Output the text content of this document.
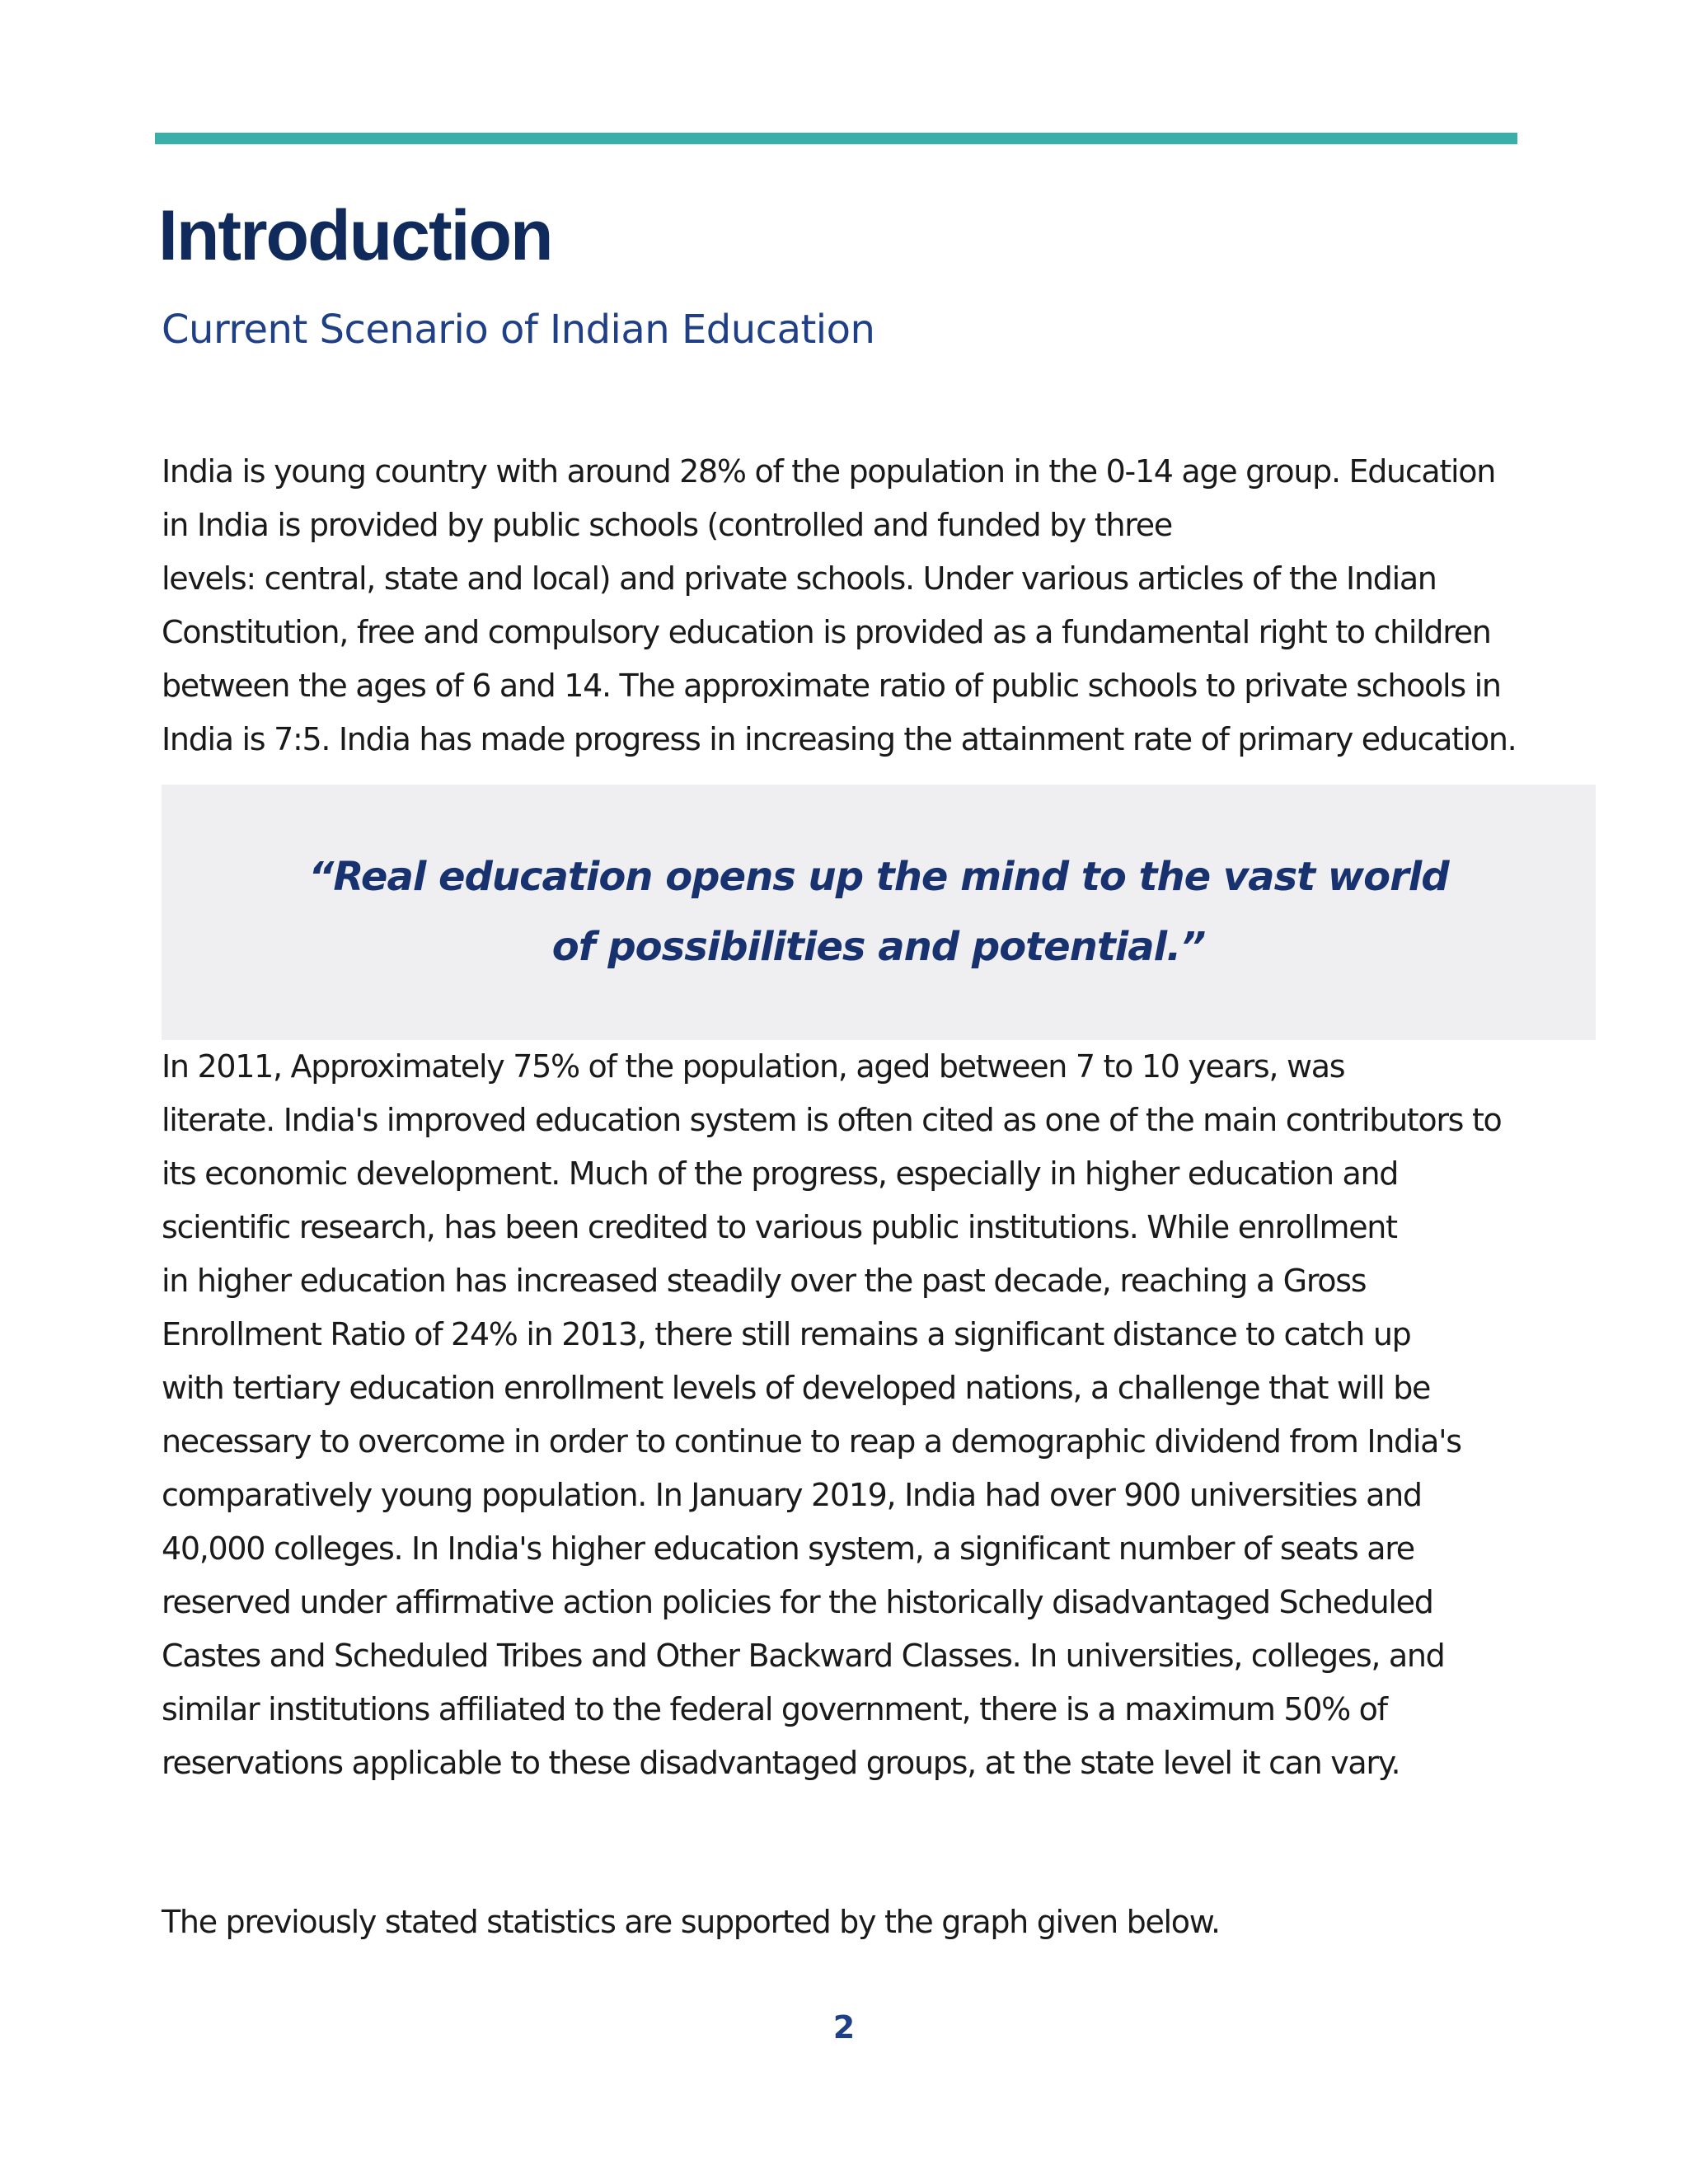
Introduction
Current Scenario of Indian Education
India is young country with around 28% of the population in the 0-14 age group. Education
in India is provided by public schools (controlled and funded by three
levels: central, state and local) and private schools. Under various articles of the Indian
Constitution, free and compulsory education is provided as a fundamental right to children
between the ages of 6 and 14. The approximate ratio of public schools to private schools in
India is 7:5. India has made progress in increasing the attainment rate of primary education.

“Real education opens up the mind to the vast world
of possibilities and potential.”

In 2011, Approximately 75% of the population, aged between 7 to 10 years, was
literate. India's improved education system is often cited as one of the main contributors to
its economic development. Much of the progress, especially in higher education and
scientific research, has been credited to various public institutions. While enrollment
in higher education has increased steadily over the past decade, reaching a Gross
Enrollment Ratio of 24% in 2013, there still remains a significant distance to catch up
with tertiary education enrollment levels of developed nations, a challenge that will be
necessary to overcome in order to continue to reap a demographic dividend from India's
comparatively young population. In January 2019, India had over 900 universities and
40,000 colleges. In India's higher education system, a significant number of seats are
reserved under affirmative action policies for the historically disadvantaged Scheduled
Castes and Scheduled Tribes and Other Backward Classes. In universities, colleges, and
similar institutions affiliated to the federal government, there is a maximum 50% of
reservations applicable to these disadvantaged groups, at the state level it can vary.
The previously stated statistics are supported by the graph given below.
2
